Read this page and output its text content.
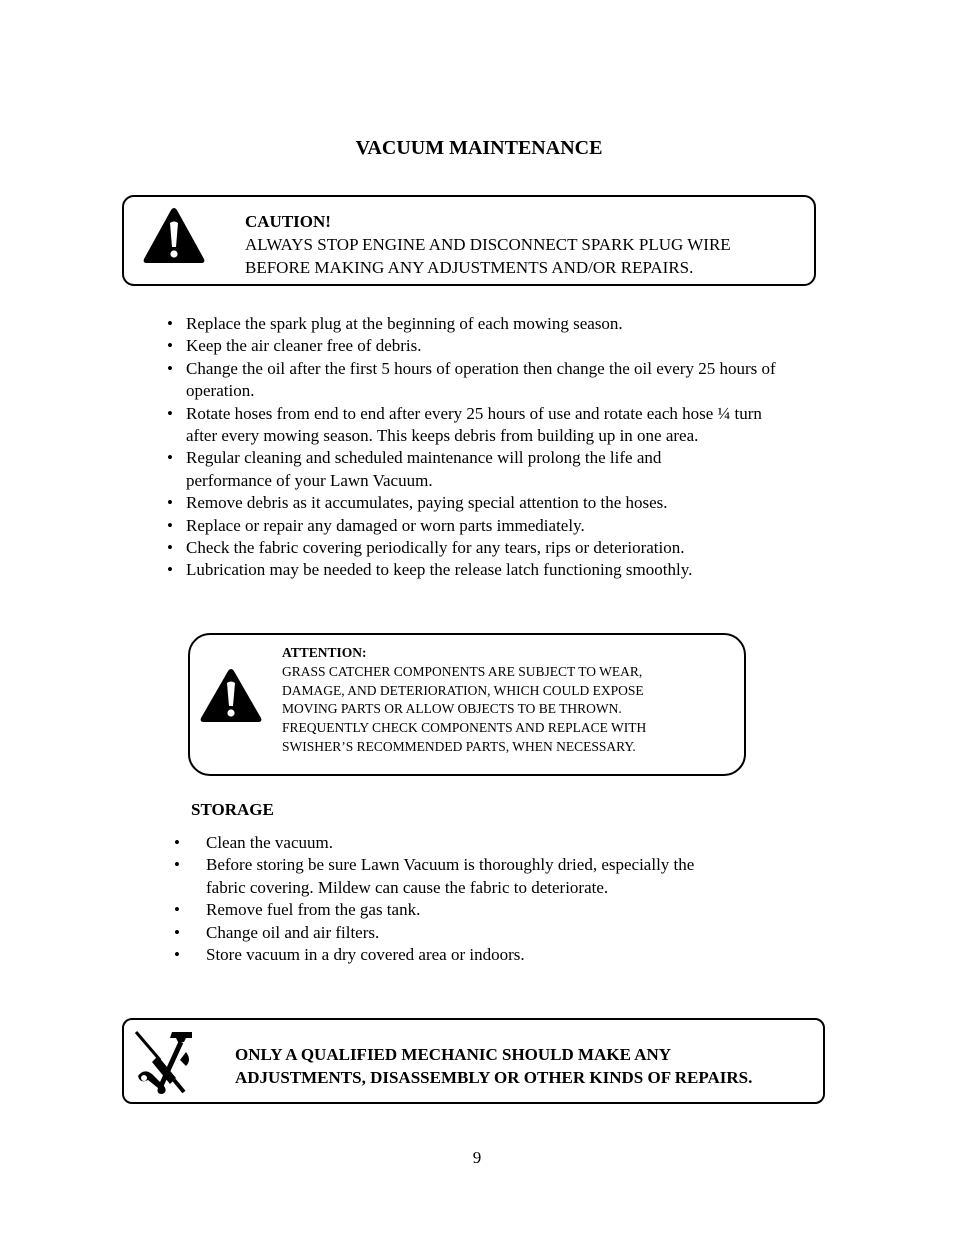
VACUUM MAINTENANCE
CAUTION!
ALWAYS STOP ENGINE AND DISCONNECT SPARK PLUG WIRE
BEFORE MAKING ANY ADJUSTMENTS AND/OR REPAIRS.
• Replace the spark plug at the beginning of each mowing season.
• Keep the air cleaner free of debris.
• Change the oil after the first 5 hours of operation then change the oil every 25 hours of operation.
• Rotate hoses from end to end after every 25 hours of use and rotate each hose ¼ turn after every mowing season. This keeps debris from building up in one area.
• Regular cleaning and scheduled maintenance will prolong the life and performance of your Lawn Vacuum.
• Remove debris as it accumulates, paying special attention to the hoses.
• Replace or repair any damaged or worn parts immediately.
• Check the fabric covering periodically for any tears, rips or deterioration.
• Lubrication may be needed to keep the release latch functioning smoothly.
ATTENTION:
GRASS CATCHER COMPONENTS ARE SUBJECT TO WEAR,
DAMAGE, AND DETERIORATION, WHICH COULD EXPOSE
MOVING PARTS OR ALLOW OBJECTS TO BE THROWN.
FREQUENTLY CHECK COMPONENTS AND REPLACE WITH
SWISHER’S RECOMMENDED PARTS, WHEN NECESSARY.
STORAGE
• Clean the vacuum.
• Before storing be sure Lawn Vacuum is thoroughly dried, especially the fabric covering. Mildew can cause the fabric to deteriorate.
• Remove fuel from the gas tank.
• Change oil and air filters.
• Store vacuum in a dry covered area or indoors.
ONLY A QUALIFIED MECHANIC SHOULD MAKE ANY
ADJUSTMENTS, DISASSEMBLY OR OTHER KINDS OF REPAIRS.
9
